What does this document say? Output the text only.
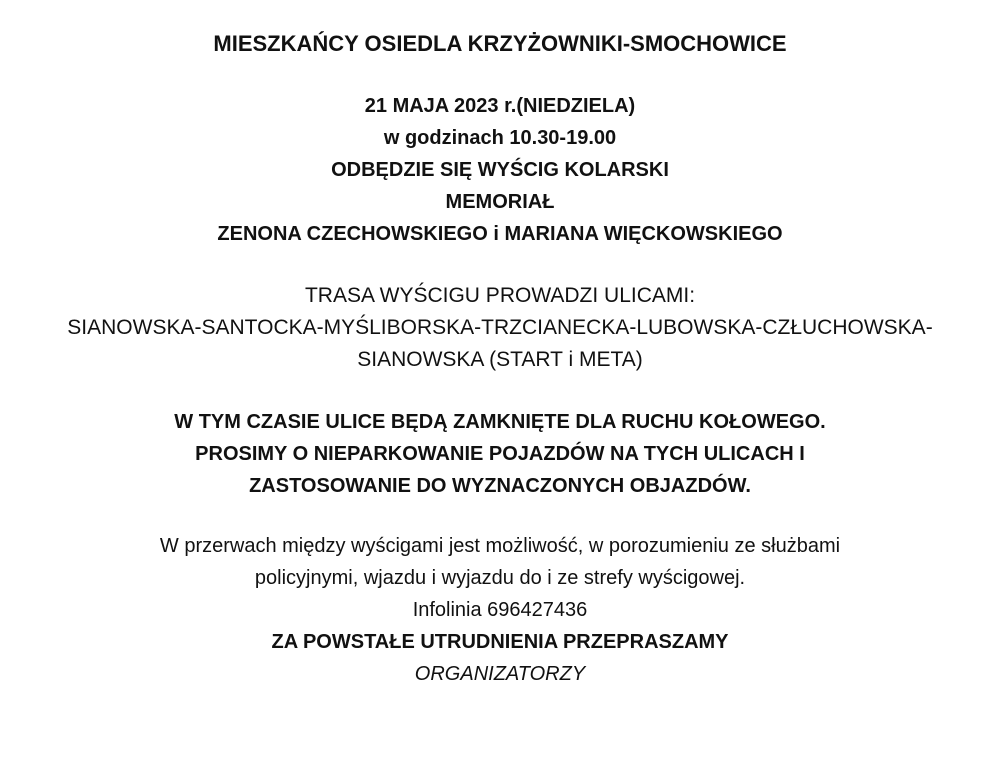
MIESZKAŃCY OSIEDLA KRZYŻOWNIKI-SMOCHOWICE
21 MAJA 2023 r.(NIEDZIELA)
w godzinach 10.30-19.00
ODBĘDZIE SIĘ WYŚCIG KOLARSKI
MEMORIAŁ
ZENONA CZECHOWSKIEGO i MARIANA WIĘCKOWSKIEGO
TRASA WYŚCIGU PROWADZI ULICAMI:
SIANOWSKA-SANTOCKA-MYŚLIBORSKA-TRZCIANECKA-LUBOWSKA-CZŁUCHOWSKA-
SIANOWSKA (START i META)
W TYM CZASIE ULICE BĘDĄ ZAMKNIĘTE DLA RUCHU KOŁOWEGO.
PROSIMY O NIEPARKOWANIE POJAZDÓW NA TYCH ULICACH I
ZASTOSOWANIE DO WYZNACZONYCH OBJAZDÓW.
W przerwach między wyścigami jest możliwość, w porozumieniu ze służbami
policyjnymi, wjazdu i wyjazdu do i ze strefy wyścigowej.
Infolinia 696427436
ZA POWSTAŁE UTRUDNIENIA PRZEPRASZAMY
ORGANIZATORZY
